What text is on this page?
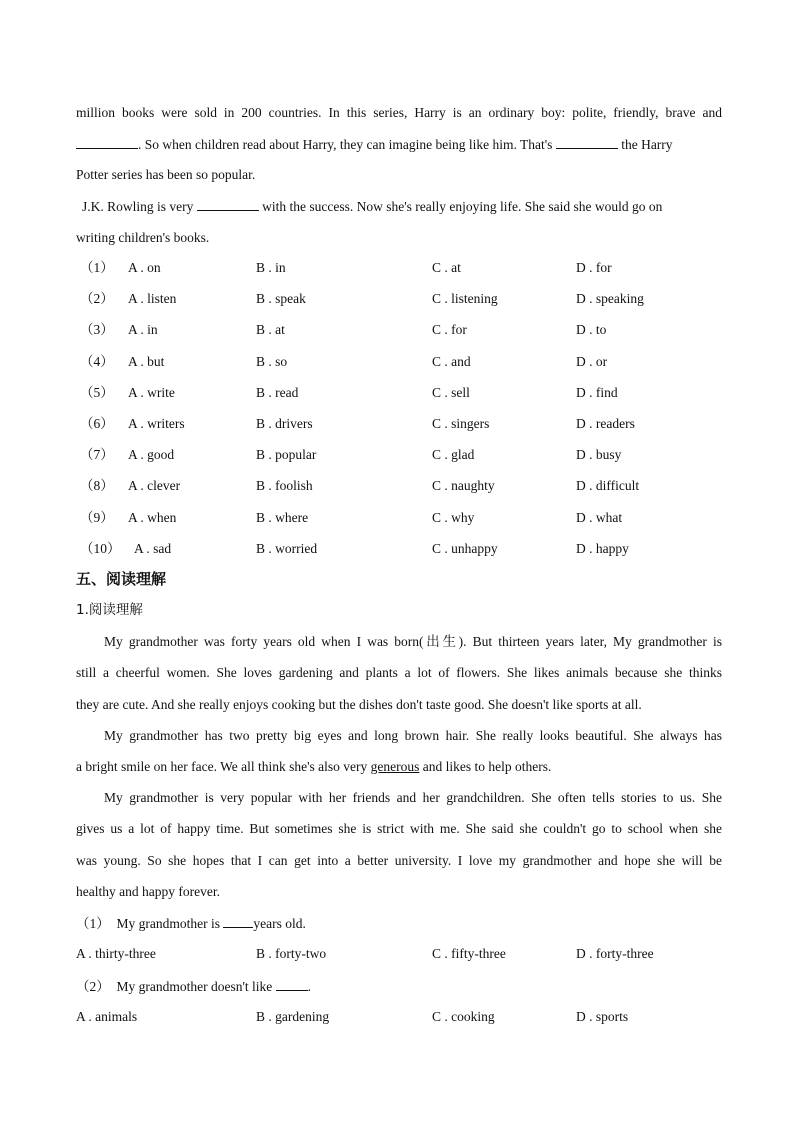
million books were sold in 200 countries. In this series, Harry is an ordinary boy: polite, friendly, brave and
. So when children read about Harry, they can imagine being like him. That's	the Harry
Potter series has been so popular.
J.K. Rowling is very	with the success. Now she's really enjoying life. She said she would go on
writing children's books.
（1） A . on	B . in	C . at	D . for
（2） A . listen	B . speak	C . listening	D . speaking
（3） A . in	B . at	C . for	D . to
（4） A . but	B . so	C . and	D . or
（5） A . write	B . read	C . sell	D . find
（6） A . writers	B . drivers	C . singers	D . readers
（7） A . good	B . popular	C . glad	D . busy
（8） A . clever	B . foolish	C . naughty	D . difficult
（9） A . when	B . where	C . why	D . what
（10） A . sad	B . worried	C . unhappy	D . happy
五、阅读理解
1.阅读理解
My grandmother was forty years old when I was born(出生). But thirteen years later, My grandmother is
still a cheerful women. She loves gardening and plants a lot of flowers. She likes animals because she thinks
they are cute. And she really enjoys cooking but the dishes don't taste good. She doesn't like sports at all.
My grandmother has two pretty big eyes and long brown hair. She really looks beautiful. She always has
a bright smile on her face. We all think she's also very generous and likes to help others.
My grandmother is very popular with her friends and her grandchildren. She often tells stories to us. She
gives us a lot of happy time. But sometimes she is strict with me. She said she couldn't go to school when she
was young. So she hopes that I can get into a better university. I love my grandmother and hope she will be
healthy and happy forever.
（1） My grandmother is years old.
A . thirty-three	B . forty-two	C . fifty-three	D . forty-three
（2） My grandmother doesn't like	.
A . animals	B . gardening	C . cooking	D . sports
